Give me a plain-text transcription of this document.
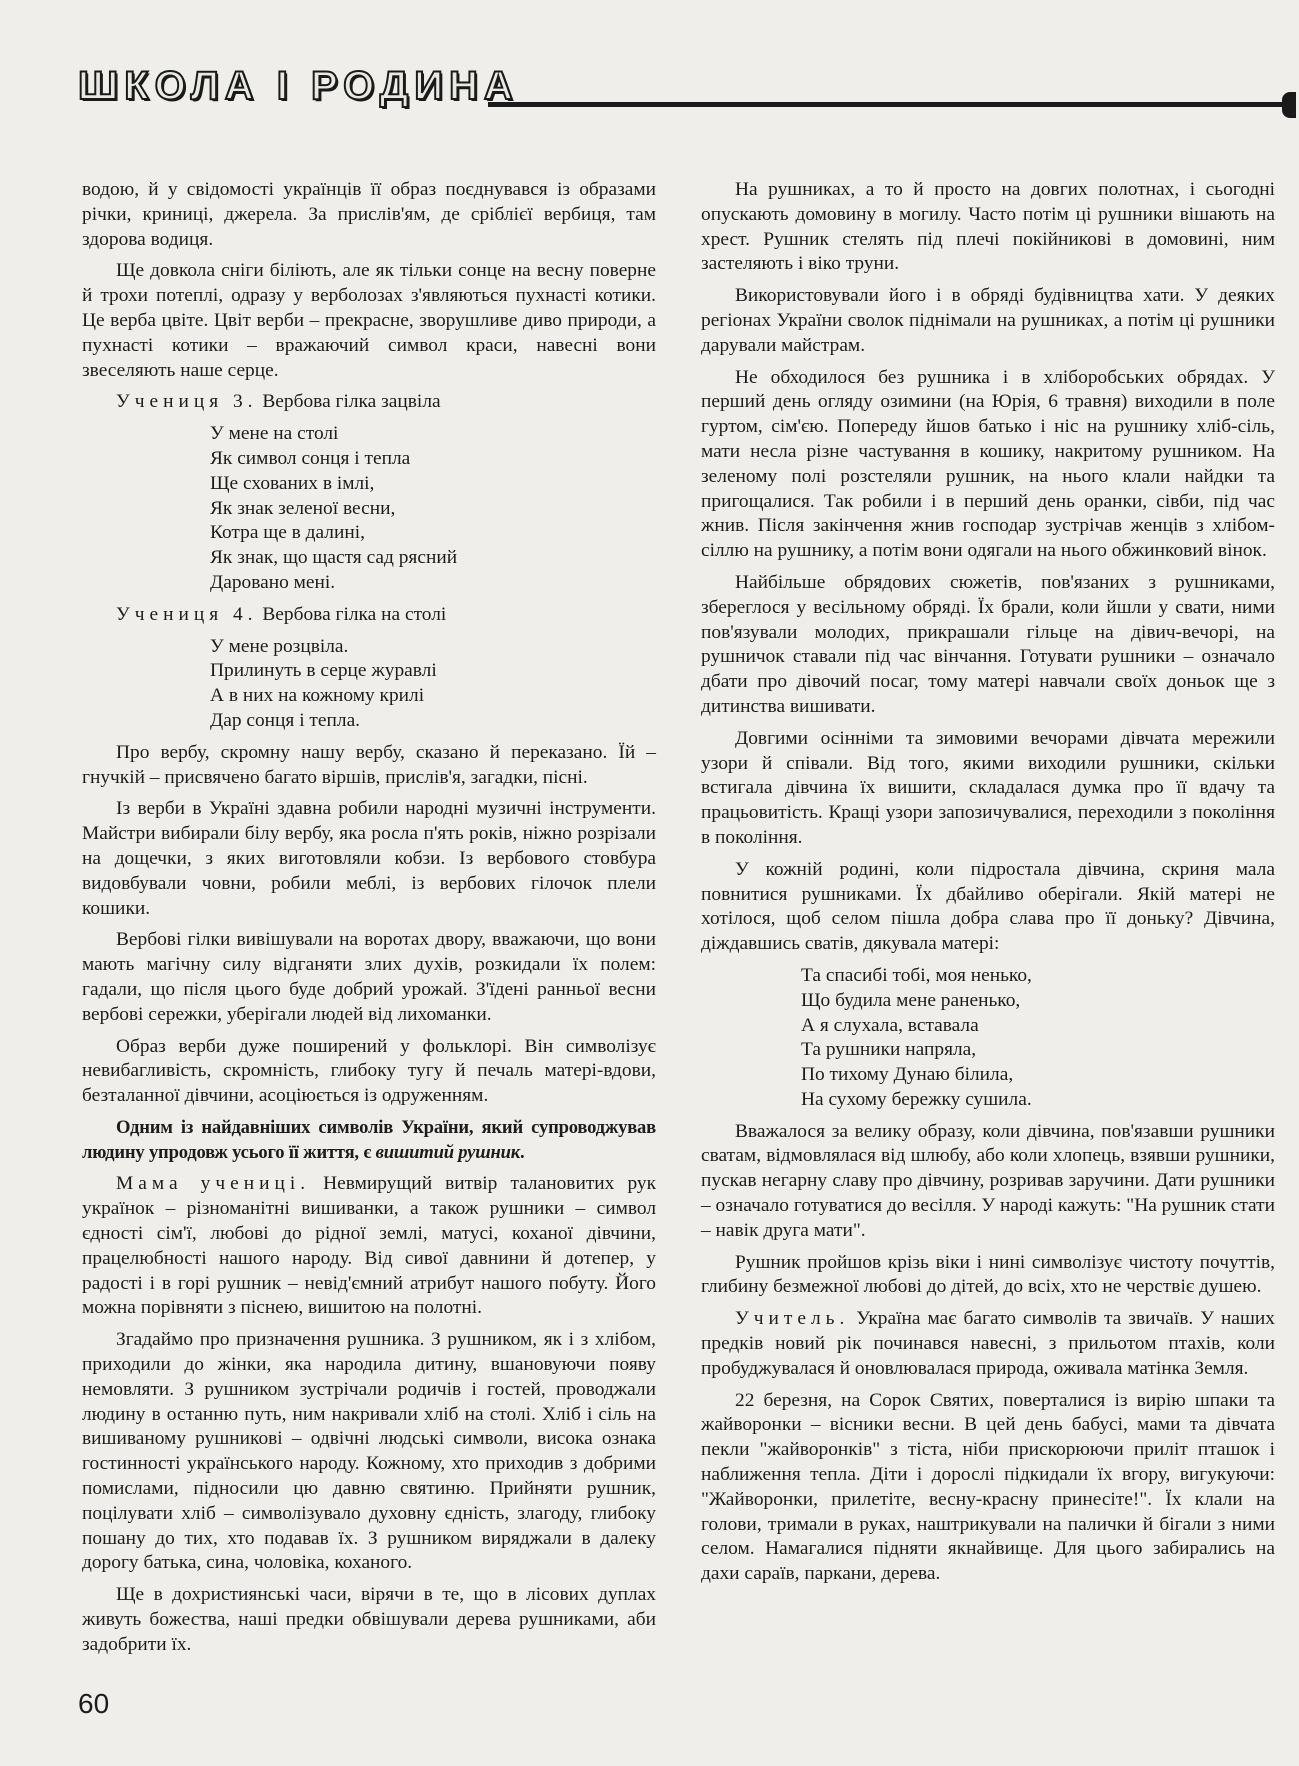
ШКОЛА І РОДИНА

водою, й у свідомості українців її образ поєднувався із образами річки, криниці, джерела. За прислів'ям, де сріблієї вербиця, там здорова водиця.

Ще довкола сніги біліють, але як тільки сонце на весну поверне й трохи потеплі, одразу у верболозах з'являються пухнасті котики. Це верба цвіте. Цвіт верби – прекрасне, зворушливе диво природи, а пухнасті котики – вражаючий символ краси, навесні вони звеселяють наше серце.

Учениця 3. Вербова гілка зацвіла

У мене на столі
Як символ сонця і тепла
Ще схованих в імлі,
Як знак зеленої весни,
Котра ще в далині,
Як знак, що щастя сад рясний
Даровано мені.

Учениця 4. Вербова гілка на столі

У мене розцвіла.
Прилинуть в серце журавлі
А в них на кожному крилі
Дар сонця і тепла.

Про вербу, скромну нашу вербу, сказано й переказано. Їй – гнучкій – присвячено багато віршів, прислів'я, загадки, пісні.

Із верби в Україні здавна робили народні музичні інструменти. Майстри вибирали білу вербу, яка росла п'ять років, ніжно розрізали на дощечки, з яких виготовляли кобзи. Із вербового стовбура видовбували човни, робили меблі, із вербових гілочок плели кошики.

Вербові гілки вивішували на воротах двору, вважаючи, що вони мають магічну силу відганяти злих духів, розкидали їх полем: гадали, що після цього буде добрий урожай. З'їдені ранньої весни вербові сережки, уберігали людей від лихоманки.

Образ верби дуже поширений у фольклорі. Він символізує невибагливість, скромність, глибоку тугу й печаль матері-вдови, безталанної дівчини, асоціюється із одруженням.

Одним із найдавніших символів України, який супроводжував людину упродовж усього її життя, є вишитий рушник.

Мама учениці. Невмирущий витвір талановитих рук українок – різноманітні вишиванки, а також рушники – символ єдності сім'ї, любові до рідної землі, матусі, коханої дівчини, працелюбності нашого народу. Від сивої давнини й дотепер, у радості і в горі рушник – невід'ємний атрибут нашого побуту. Його можна порівняти з піснею, вишитою на полотні.

Згадаймо про призначення рушника. З рушником, як і з хлібом, приходили до жінки, яка народила дитину, вшановуючи появу немовляти. З рушником зустрічали родичів і гостей, проводжали людину в останню путь, ним накривали хліб на столі. Хліб і сіль на вишиваному рушникові – одвічні людські символи, висока ознака гостинності українського народу. Кожному, хто приходив з добрими помислами, підносили цю давню святиню. Прийняти рушник, поцілувати хліб – символізувало духовну єдність, злагоду, глибоку пошану до тих, хто подавав їх. З рушником виряджали в далеку дорогу батька, сина, чоловіка, коханого.

Ще в дохристиянські часи, вірячи в те, що в лісових дуплах живуть божества, наші предки обвішували дерева рушниками, аби задобрити їх.

На рушниках, а то й просто на довгих полотнах, і сьогодні опускають домовину в могилу. Часто потім ці рушники вішають на хрест. Рушник стелять під плечі покійникові в домовині, ним застеляють і віко труни.

Використовували його і в обряді будівництва хати. У деяких регіонах України сволок піднімали на рушниках, а потім ці рушники дарували майстрам.

Не обходилося без рушника і в хліборобських обрядах. У перший день огляду озимини (на Юрія, 6 травня) виходили в поле гуртом, сім'єю. Попереду йшов батько і ніс на рушнику хліб-сіль, мати несла різне частування в кошику, накритому рушником. На зеленому полі розстеляли рушник, на нього клали найдки та пригощалися. Так робили і в перший день оранки, сівби, під час жнив. Після закінчення жнив господар зустрічав женців з хлібом-сіллю на рушнику, а потім вони одягали на нього обжинковий вінок.

Найбільше обрядових сюжетів, пов'язаних з рушниками, збереглося у весільному обряді. Їх брали, коли йшли у свати, ними пов'язували молодих, прикрашали гільце на дівич-вечорі, на рушничок ставали під час вінчання. Готувати рушники – означало дбати про дівочий посаг, тому матері навчали своїх доньок ще з дитинства вишивати.

Довгими осінніми та зимовими вечорами дівчата мережили узори й співали. Від того, якими виходили рушники, скільки встигала дівчина їх вишити, складалася думка про її вдачу та працьовитість. Кращі узори запозичувалися, переходили з покоління в покоління.

У кожній родині, коли підростала дівчина, скриня мала повнитися рушниками. Їх дбайливо оберігали. Якій матері не хотілося, щоб селом пішла добра слава про її доньку? Дівчина, діждавшись сватів, дякувала матері:

Та спасибі тобі, моя ненько,
Що будила мене раненько,
А я слухала, вставала
Та рушники напряла,
По тихому Дунаю білила,
На сухому бережку сушила.

Вважалося за велику образу, коли дівчина, пов'язавши рушники сватам, відмовлялася від шлюбу, або коли хлопець, взявши рушники, пускав негарну славу про дівчину, розривав заручини. Дати рушники – означало готуватися до весілля. У народі кажуть: "На рушник стати – навік друга мати".

Рушник пройшов крізь віки і нині символізує чистоту почуттів, глибину безмежної любові до дітей, до всіх, хто не черствіє душею.

Учитель. Україна має багато символів та звичаїв. У наших предків новий рік починався навесні, з прильотом птахів, коли пробуджувалася й оновлювалася природа, оживала матінка Земля.

22 березня, на Сорок Святих, поверталися із вирію шпаки та жайворонки – вісники весни. В цей день бабусі, мами та дівчата пекли "жайворонків" з тіста, ніби прискорюючи приліт пташок і наближення тепла. Діти і дорослі підкидали їх вгору, вигукуючи: "Жайворонки, прилетіте, весну-красну принесіте!". Їх клали на голови, тримали в руках, наштрикували на палички й бігали з ними селом. Намагалися підняти якнайвище. Для цього забирались на дахи сараїв, паркани, дерева.

60
